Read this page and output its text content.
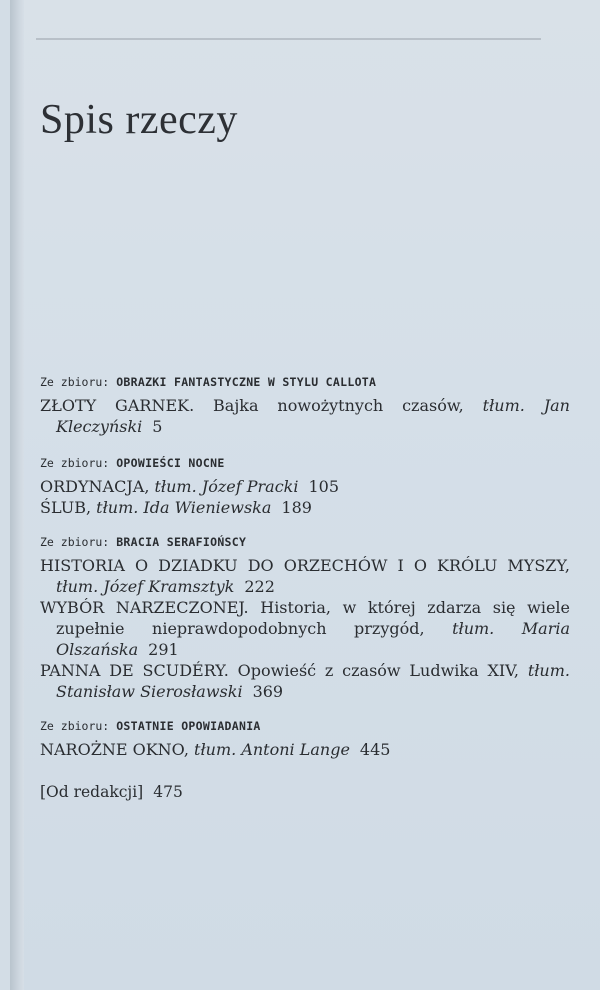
Spis rzeczy

Ze zbioru: OBRAZKI FANTASTYCZNE W STYLU CALLOTA

ZŁOTY GARNEK. Bajka nowożytnych czasów, tłum. Jan Kleczyński 5

Ze zbioru: OPOWIEŚCI NOCNE

ORDYNACJA, tłum. Józef Pracki 105

ŚLUB, tłum. Ida Wieniewska 189

Ze zbioru: BRACIA SERAFIOŃSCY

HISTORIA O DZIADKU DO ORZECHÓW I O KRÓLU MYSZY, tłum. Józef Kramsztyk 222

WYBÓR NARZECZONEJ. Historia, w której zdarza się wiele zupełnie nieprawdopodobnych przygód, tłum. Maria Olszańska 291

PANNA DE SCUDÉRY. Opowieść z czasów Ludwika XIV, tłum. Stanisław Sierosławski 369

Ze zbioru: OSTATNIE OPOWIADANIA

NAROŻNE OKNO, tłum. Antoni Lange 445

[Od redakcji] 475
